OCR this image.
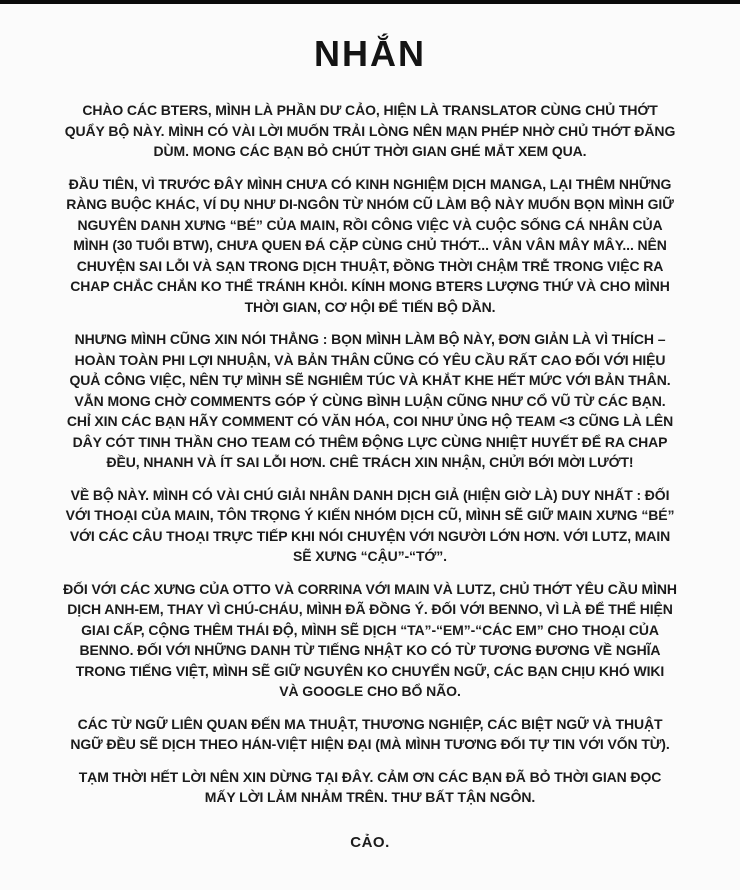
NHẮN

CHÀO CÁC BTERS, MÌNH LÀ PHẦN DƯ CẢO, HIỆN LÀ TRANSLATOR CÙNG CHỦ THỚT
QUẨY BỘ NÀY. MÌNH CÓ VÀI LỜI MUỐN TRẢI LÒNG NÊN MẠN PHÉP NHỜ CHỦ THỚT ĐĂNG
DÙM. MONG CÁC BẠN BỎ CHÚT THỜI GIAN GHÉ MẮT XEM QUA.

ĐẦU TIÊN, VÌ TRƯỚC ĐÂY MÌNH CHƯA CÓ KINH NGHIỆM DỊCH MANGA, LẠI THÊM NHỮNG
RÀNG BUỘC KHÁC, VÍ DỤ NHƯ DI-NGÔN TỪ NHÓM CŨ LÀM BỘ NÀY MUỐN BỌN MÌNH GIỮ
NGUYÊN DANH XƯNG “BÉ” CỦA MAIN, RỒI CÔNG VIỆC VÀ CUỘC SỐNG CÁ NHÂN CỦA
MÌNH (30 TUỔI BTW), CHƯA QUEN ĐÁ CẶP CÙNG CHỦ THỚT... VÂN VÂN MÂY MÂY... NÊN
CHUYỆN SAI LỖI VÀ SẠN TRONG DỊCH THUẬT, ĐỒNG THỜI CHẬM TRỄ TRONG VIỆC RA
CHAP CHẮC CHẮN KO THỂ TRÁNH KHỎI. KÍNH MONG BTERS LƯỢNG THỨ VÀ CHO MÌNH
THỜI GIAN, CƠ HỘI ĐỂ TIẾN BỘ DẦN.

NHƯNG MÌNH CŨNG XIN NÓI THẲNG : BỌN MÌNH LÀM BỘ NÀY, ĐƠN GIẢN LÀ VÌ THÍCH –
HOÀN TOÀN PHI LỢI NHUẬN, VÀ BẢN THÂN CŨNG CÓ YÊU CẦU RẤT CAO ĐỐI VỚI HIỆU
QUẢ CÔNG VIỆC, NÊN TỰ MÌNH SẼ NGHIÊM TÚC VÀ KHẮT KHE HẾT MỨC VỚI BẢN THÂN.
VẪN MONG CHỜ COMMENTS GÓP Ý CÙNG BÌNH LUẬN CŨNG NHƯ CỔ VŨ TỪ CÁC BẠN.
CHỈ XIN CÁC BẠN HÃY COMMENT CÓ VĂN HÓA, COI NHƯ ỦNG HỘ TEAM <3 CŨNG LÀ LÊN
DÂY CÓT TINH THẦN CHO TEAM CÓ THÊM ĐỘNG LỰC CÙNG NHIỆT HUYẾT ĐỂ RA CHAP
ĐỀU, NHANH VÀ ÍT SAI LỖI HƠN. CHÊ TRÁCH XIN NHẬN, CHỬI BỚI MỜI LƯỚT!

VỀ BỘ NÀY. MÌNH CÓ VÀI CHÚ GIẢI NHÂN DANH DỊCH GIẢ (HIỆN GIỜ LÀ) DUY NHẤT : ĐỐI
VỚI THOẠI CỦA MAIN, TÔN TRỌNG Ý KIẾN NHÓM DỊCH CŨ, MÌNH SẼ GIỮ MAIN XƯNG “BÉ”
VỚI CÁC CÂU THOẠI TRỰC TIẾP KHI NÓI CHUYỆN VỚI NGƯỜI LỚN HƠN. VỚI LUTZ, MAIN
SẼ XƯNG “CẬU”-“TỚ”.

ĐỐI VỚI CÁC XƯNG CỦA OTTO VÀ CORRINA VỚI MAIN VÀ LUTZ, CHỦ THỚT YÊU CẦU MÌNH
DỊCH ANH-EM, THAY VÌ CHÚ-CHÁU, MÌNH ĐÃ ĐỒNG Ý. ĐỐI VỚI BENNO, VÌ LÀ ĐỂ THỂ HIỆN
GIAI CẤP, CỘNG THÊM THÁI ĐỘ, MÌNH SẼ DỊCH “TA”-“EM”-“CÁC EM” CHO THOẠI CỦA
BENNO. ĐỐI VỚI NHỮNG DANH TỪ TIẾNG NHẬT KO CÓ TỪ TƯƠNG ĐƯƠNG VỀ NGHĨA
TRONG TIẾNG VIỆT, MÌNH SẼ GIỮ NGUYÊN KO CHUYỂN NGỮ, CÁC BẠN CHỊU KHÓ WIKI
VÀ GOOGLE CHO BỔ NÃO.

CÁC TỪ NGỮ LIÊN QUAN ĐẾN MA THUẬT, THƯƠNG NGHIỆP, CÁC BIỆT NGỮ VÀ THUẬT
NGỮ ĐỀU SẼ DỊCH THEO HÁN-VIỆT HIỆN ĐẠI (MÀ MÌNH TƯƠNG ĐỐI TỰ TIN VỚI VỐN TỪ).

TẠM THỜI HẾT LỜI NÊN XIN DỪNG TẠI ĐÂY. CẢM ƠN CÁC BẠN ĐÃ BỎ THỜI GIAN ĐỌC
MẤY LỜI LẢM NHẢM TRÊN. THƯ BẤT TẬN NGÔN.

CẢO.
